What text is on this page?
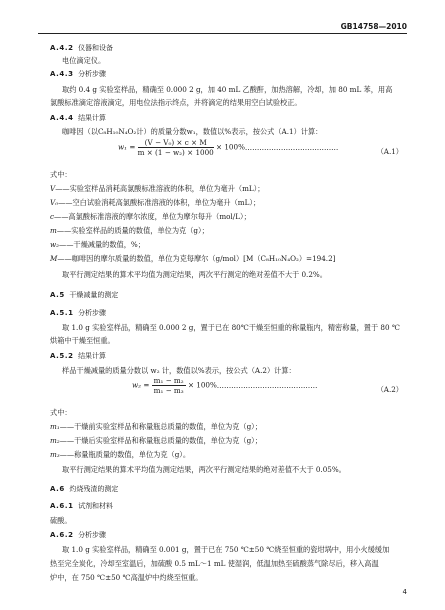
GB14758—2010
A.4.2 仪器和设备
电位滴定仪。
A.4.3 分析步骤
取约 0.4 g 实验室样品，精确至 0.000 2 g，加 40 mL 乙酸酐，加热溶解，冷却，加 80 mL 苯，用高
氯酸标准滴定溶液滴定，用电位法指示终点，并将滴定的结果用空白试验校正。
A.4.4 结果计算
咖啡因（以C₈H₁₀N₄O₂计）的质量分数w₁，数值以%表示，按公式（A.1）计算：
$w_1 = \frac{\text{(V − V₀) × c × M}}{\text{m × (1 − w₂) × 1000}}$ × 100%…………………………………	（A.1）
式中：
V——实验室样品消耗高氯酸标准溶液的体积，单位为毫升（mL）；
V₀——空白试验消耗高氯酸标准溶液的体积，单位为毫升（mL）；
c——高氯酸标准溶液的摩尔浓度，单位为摩尔每升（mol/L）；
m——实验室样品的质量的数值，单位为克（g）；
w₂——干燥减量的数值，%；
M——咖啡因的摩尔质量的数值，单位为克每摩尔（g/mol）[M（C₈H₁₀N₄O₂）=194.2]
取平行测定结果的算术平均值为测定结果，两次平行测定的绝对差值不大于 0.2%。
A.5 干燥减量的测定
A.5.1 分析步骤
取 1.0 g 实验室样品，精确至 0.000 2 g，置于已在 80℃干燥至恒重的称量瓶内，精密称量，置于 80 ℃
烘箱中干燥至恒重。
A.5.2 结果计算
样品干燥减量的质量分数以 w₂ 计，数值以%表示，按公式（A.2）计算：
$w_2 = \frac{\text{m₁ − m₂}}{\text{m₁ − m₃}}$ × 100%……………………………………	（A.2）
式中：
m₁——干燥前实验室样品和称量瓶总质量的数值，单位为克（g）；
m₂——干燥后实验室样品和称量瓶总质量的数值，单位为克（g）；
m₃——称量瓶质量的数值，单位为克（g）。
取平行测定结果的算术平均值为测定结果，两次平行测定结果的绝对差值不大于 0.05%。
A.6 灼烧残渣的测定
A.6.1 试剂和材料
硫酸。
A.6.2 分析步骤
取 1.0 g 实验室样品，精确至 0.001 g，置于已在 750 ℃±50 ℃烧至恒重的瓷坩埚中，用小火缓缓加
热至完全炭化，冷却至室温后，加硫酸 0.5 mL～1 mL 使湿润，低温加热至硫酸蒸气除尽后，移入高温
炉中，在 750 ℃±50 ℃高温炉中灼烧至恒重。
4
